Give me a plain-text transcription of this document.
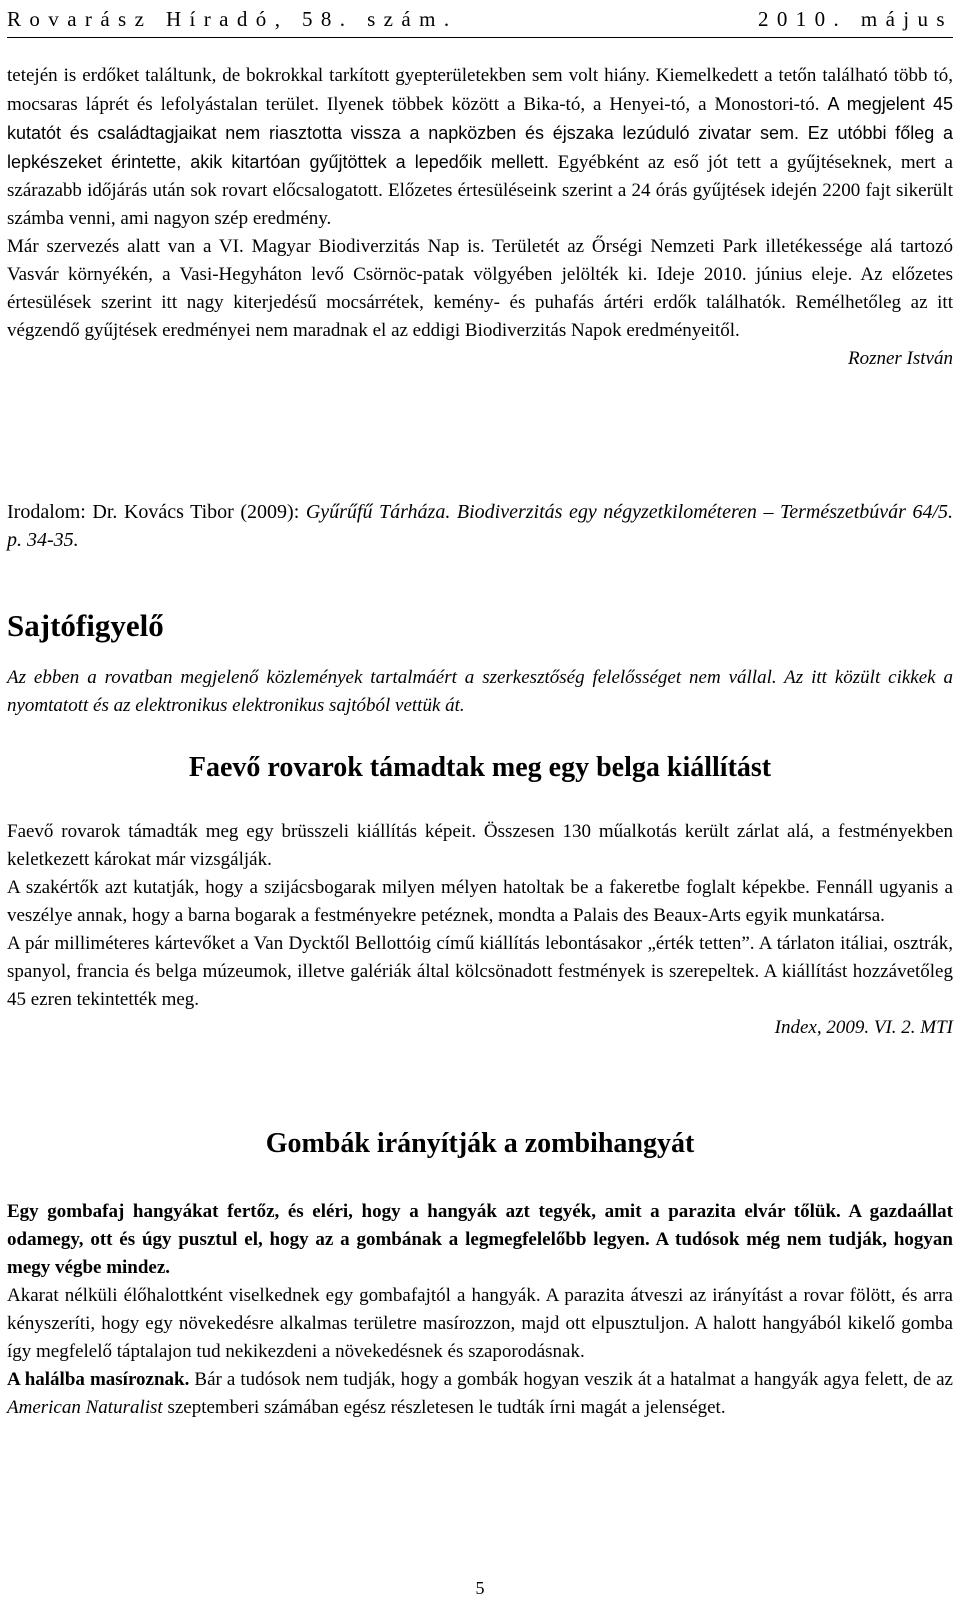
Rovarász Híradó, 58. szám.	2010. május

tetején is erdőket találtunk, de bokrokkal tarkított gyepterületekben sem volt hiány. Kiemelkedett a tetőn található több tó, mocsaras láprét és lefolyástalan terület. Ilyenek többek között a Bika-tó, a Henyei-tó, a Monostori-tó. A megjelent 45 kutatót és családtagjaikat nem riasztotta vissza a napközben és éjszaka lezúduló zivatar sem. Ez utóbbi főleg a lepkészeket érintette, akik kitartóan gyűjtöttek a lepedőik mellett. Egyébként az eső jót tett a gyűjtéseknek, mert a szárazabb időjárás után sok rovart előcsalogatott. Előzetes értesüléseink szerint a 24 órás gyűjtések idején 2200 fajt sikerült számba venni, ami nagyon szép eredmény.

Már szervezés alatt van a VI. Magyar Biodiverzitás Nap is. Területét az Őrségi Nemzeti Park illetékessége alá tartozó Vasvár környékén, a Vasi-Hegyháton levő Csörnöc-patak völgyében jelölték ki. Ideje 2010. június eleje. Az előzetes értesülések szerint itt nagy kiterjedésű mocsárrétek, kemény- és puhafás ártéri erdők találhatók. Remélhetőleg az itt végzendő gyűjtések eredményei nem maradnak el az eddigi Biodiverzitás Napok eredményeitől.

Rozner István

Irodalom: Dr. Kovács Tibor (2009): Gyűrűfű Tárháza. Biodiverzitás egy négyzetkilométeren – Természetbúvár 64/5. p. 34-35.

Sajtófigyelő

Az ebben a rovatban megjelenő közlemények tartalmáért a szerkesztőség felelősséget nem vállal. Az itt közült cikkek a nyomtatott és az elektronikus elektronikus sajtóból vettük át.

Faevő rovarok támadtak meg egy belga kiállítást

Faevő rovarok támadták meg egy brüsszeli kiállítás képeit. Összesen 130 műalkotás került zárlat alá, a festményekben keletkezett károkat már vizsgálják.

A szakértők azt kutatják, hogy a szijácsbogarak milyen mélyen hatoltak be a fakeretbe foglalt képekbe. Fennáll ugyanis a veszélye annak, hogy a barna bogarak a festményekre petéznek, mondta a Palais des Beaux-Arts egyik munkatársa.

A pár milliméteres kártevőket a Van Dycktől Bellottóig című kiállítás lebontásakor „érték tetten”. A tárlaton itáliai, osztrák, spanyol, francia és belga múzeumok, illetve galériák által kölcsönadott festmények is szerepeltek. A kiállítást hozzávetőleg 45 ezren tekintették meg.

Index, 2009. VI. 2. MTI

Gombák irányítják a zombihangyát

Egy gombafaj hangyákat fertőz, és eléri, hogy a hangyák azt tegyék, amit a parazita elvár tőlük. A gazdaállat odamegy, ott és úgy pusztul el, hogy az a gombának a legmegfelelőbb legyen. A tudósok még nem tudják, hogyan megy végbe mindez.

Akarat nélküli élőhalottként viselkednek egy gombafajtól a hangyák. A parazita átveszi az irányítást a rovar fölött, és arra kényszeríti, hogy egy növekedésre alkalmas területre masírozzon, majd ott elpusztuljon. A halott hangyából kikelő gomba így megfelelő táptalajon tud nekikezdeni a növekedésnek és szaporodásnak.

A halálba masíroznak. Bár a tudósok nem tudják, hogy a gombák hogyan veszik át a hatalmat a hangyák agya felett, de az American Naturalist szeptemberi számában egész részletesen le tudták írni magát a jelenséget.

5
